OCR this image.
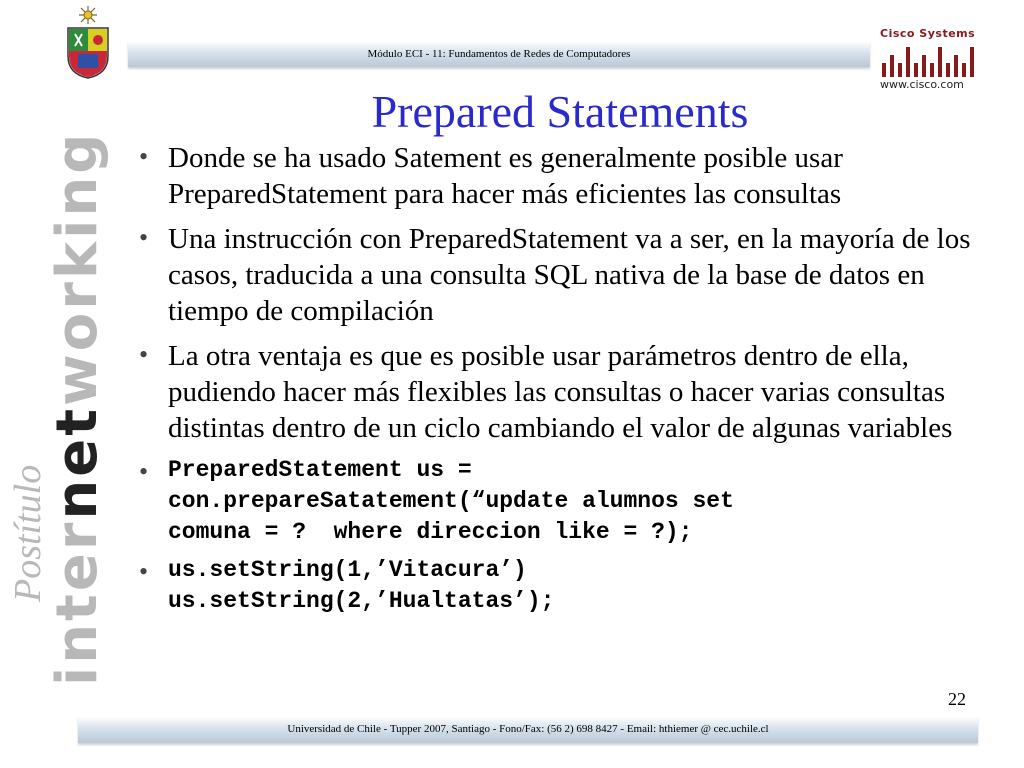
Módulo ECI - 11: Fundamentos de Redes de Computadores
Cisco Systems
www.cisco.com
Postítulo
internetworking
Prepared Statements
• Donde se ha usado Satement es generalmente posible usar PreparedStatement para hacer más eficientes las consultas
• Una instrucción con PreparedStatement va a ser, en la mayoría de los casos, traducida a una consulta SQL nativa de la base de datos en tiempo de compilación
• La otra ventaja es que es posible usar parámetros dentro de ella, pudiendo hacer más flexibles las consultas o hacer varias consultas distintas dentro de un ciclo cambiando el valor de algunas variables
• PreparedStatement us =
con.prepareSatatement(“update alumnos set
comuna = ?  where direccion like = ?);
• us.setString(1,’Vitacura’)
us.setString(2,’Hualtatas’);
22
Universidad de Chile - Tupper 2007, Santiago - Fono/Fax: (56 2) 698 8427 - Email: hthiemer @ cec.uchile.cl
